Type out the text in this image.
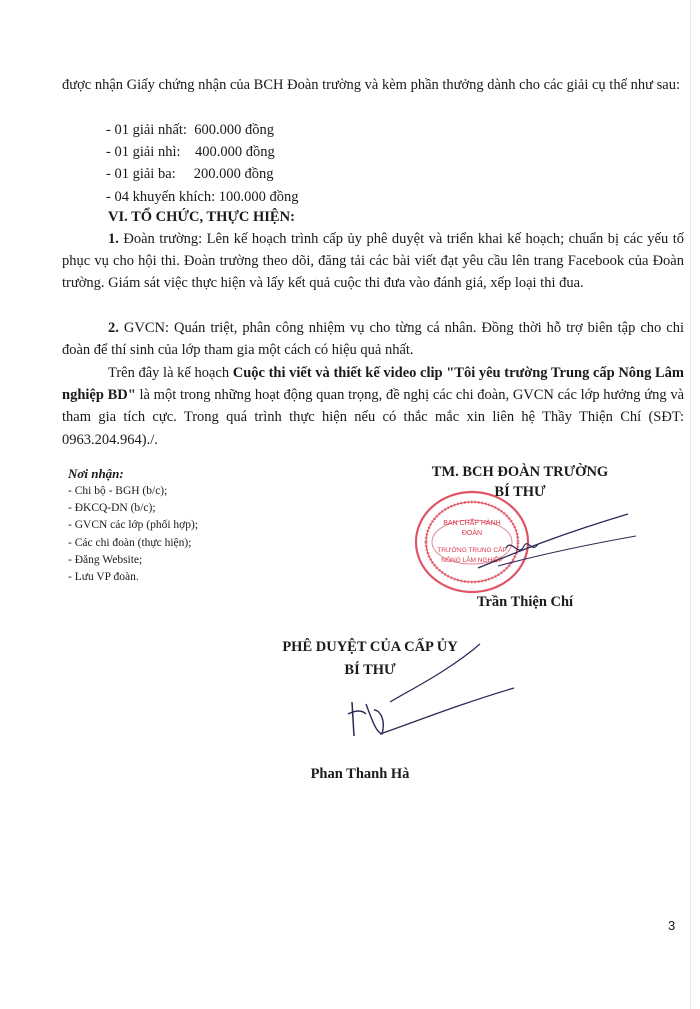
được nhận Giấy chứng nhận của BCH Đoàn trường và kèm phần thưởng dành cho các giải cụ thể như sau:
- 01 giải nhất:  600.000 đồng
- 01 giải nhì:    400.000 đồng
- 01 giải ba:     200.000 đồng
- 04 khuyến khích: 100.000 đồng
VI. TỔ CHỨC, THỰC HIỆN:
1. Đoàn trường: Lên kế hoạch trình cấp ủy phê duyệt và triển khai kế hoạch; chuẩn bị các yếu tố phục vụ cho hội thi. Đoàn trường theo dõi, đăng tải các bài viết đạt yêu cầu lên trang Facebook của Đoàn trường. Giám sát việc thực hiện và lấy kết quả cuộc thi đưa vào đánh giá, xếp loại thi đua.
2. GVCN: Quán triệt, phân công nhiệm vụ cho từng cá nhân. Đồng thời hỗ trợ biên tập cho chi đoàn để thí sinh của lớp tham gia một cách có hiệu quả nhất.
Trên đây là kế hoạch Cuộc thi viết và thiết kế video clip "Tôi yêu trường Trung cấp Nông Lâm nghiệp BD" là một trong những hoạt động quan trọng, đề nghị các chi đoàn, GVCN các lớp hưởng ứng và tham gia tích cực. Trong quá trình thực hiện nếu có thắc mắc xin liên hệ Thầy Thiện Chí (SĐT: 0963.204.964)./.
Nơi nhận:
- Chi bộ - BGH (b/c);
- ĐKCQ-DN (b/c);
- GVCN các lớp (phối hợp);
- Các chi đoàn (thực hiện);
- Đăng Website;
- Lưu VP đoàn.
TM. BCH ĐOÀN TRƯỜNG
BÍ THƯ
BAN CHẤP HÀNH
ĐOÀN
TRƯỜNG TRUNG CẤP
NÔNG LÂM NGHIỆP
Trần Thiện Chí
PHÊ DUYỆT CỦA CẤP ỦY
BÍ THƯ
Phan Thanh Hà
3
